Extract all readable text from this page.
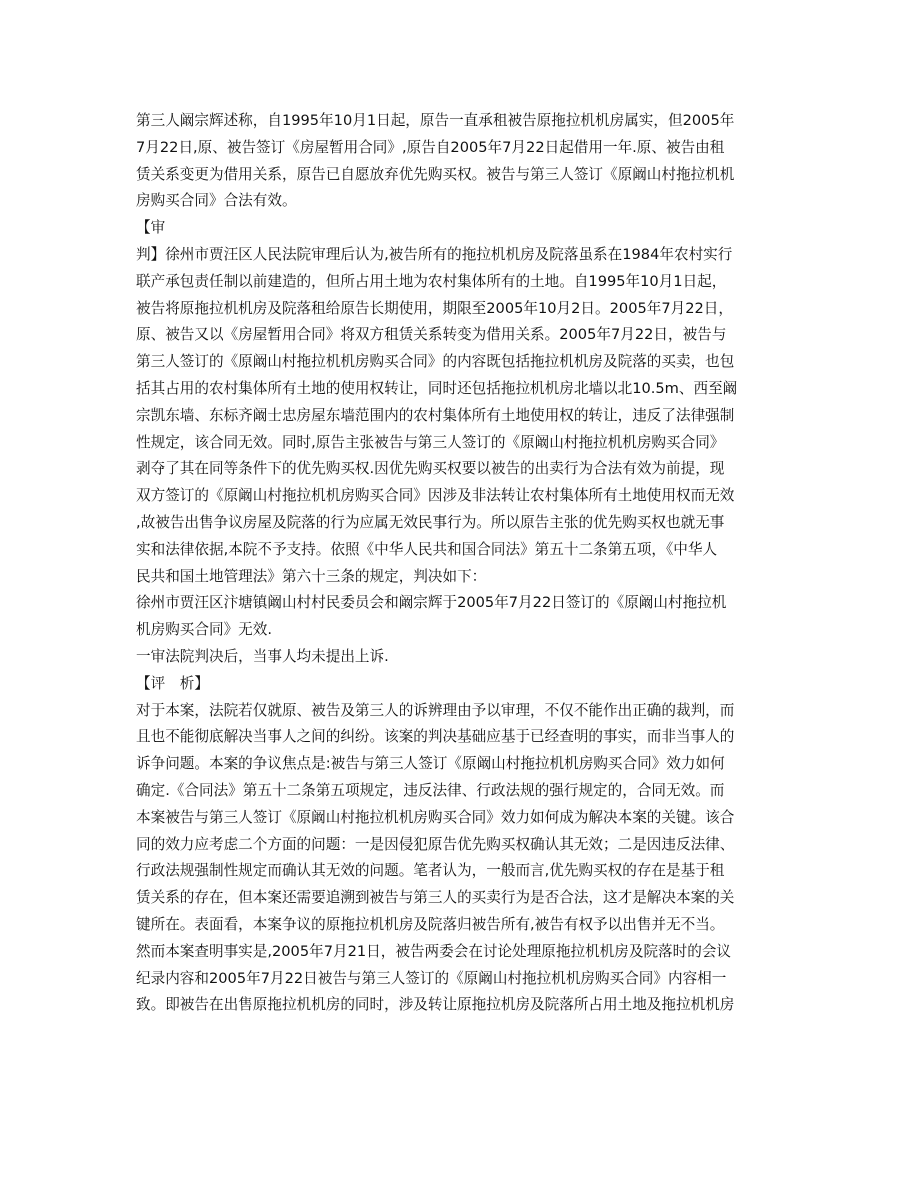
第三人阚宗辉述称，自1995年10月1日起，原告一直承租被告原拖拉机机房属实，但2005年
7月22日,原、被告签订《房屋暂用合同》,原告自2005年7月22日起借用一年.原、被告由租
赁关系变更为借用关系，原告已自愿放弃优先购买权。被告与第三人签订《原阚山村拖拉机机
房购买合同》合法有效。
【审
判】徐州市贾汪区人民法院审理后认为,被告所有的拖拉机机房及院落虽系在1984年农村实行
联产承包责任制以前建造的，但所占用土地为农村集体所有的土地。自1995年10月1日起，
被告将原拖拉机机房及院落租给原告长期使用，期限至2005年10月2日。2005年7月22日，
原、被告又以《房屋暂用合同》将双方租赁关系转变为借用关系。2005年7月22日，被告与
第三人签订的《原阚山村拖拉机机房购买合同》的内容既包括拖拉机机房及院落的买卖，也包
括其占用的农村集体所有土地的使用权转让，同时还包括拖拉机机房北墙以北10.5m、西至阚
宗凯东墙、东标齐阚士忠房屋东墙范围内的农村集体所有土地使用权的转让，违反了法律强制
性规定，该合同无效。同时,原告主张被告与第三人签订的《原阚山村拖拉机机房购买合同》
剥夺了其在同等条件下的优先购买权.因优先购买权要以被告的出卖行为合法有效为前提，现
双方签订的《原阚山村拖拉机机房购买合同》因涉及非法转让农村集体所有土地使用权而无效
,故被告出售争议房屋及院落的行为应属无效民事行为。所以原告主张的优先购买权也就无事
实和法律依据,本院不予支持。依照《中华人民共和国合同法》第五十二条第五项，《中华人
民共和国土地管理法》第六十三条的规定，判决如下：
徐州市贾汪区汴塘镇阚山村村民委员会和阚宗辉于2005年7月22日签订的《原阚山村拖拉机
机房购买合同》无效.
一审法院判决后，当事人均未提出上诉.
【评　析】
对于本案，法院若仅就原、被告及第三人的诉辨理由予以审理，不仅不能作出正确的裁判，而
且也不能彻底解决当事人之间的纠纷。该案的判决基础应基于已经查明的事实，而非当事人的
诉争问题。本案的争议焦点是:被告与第三人签订《原阚山村拖拉机机房购买合同》效力如何
确定.《合同法》第五十二条第五项规定，违反法律、行政法规的强行规定的，合同无效。而
本案被告与第三人签订《原阚山村拖拉机机房购买合同》效力如何成为解决本案的关键。该合
同的效力应考虑二个方面的问题：一是因侵犯原告优先购买权确认其无效；二是因违反法律、
行政法规强制性规定而确认其无效的问题。笔者认为，一般而言,优先购买权的存在是基于租
赁关系的存在，但本案还需要追溯到被告与第三人的买卖行为是否合法，这才是解决本案的关
键所在。表面看，本案争议的原拖拉机机房及院落归被告所有,被告有权予以出售并无不当。
然而本案查明事实是,2005年7月21日，被告两委会在讨论处理原拖拉机机房及院落时的会议
纪录内容和2005年7月22日被告与第三人签订的《原阚山村拖拉机机房购买合同》内容相一
致。即被告在出售原拖拉机机房的同时，涉及转让原拖拉机房及院落所占用土地及拖拉机机房
